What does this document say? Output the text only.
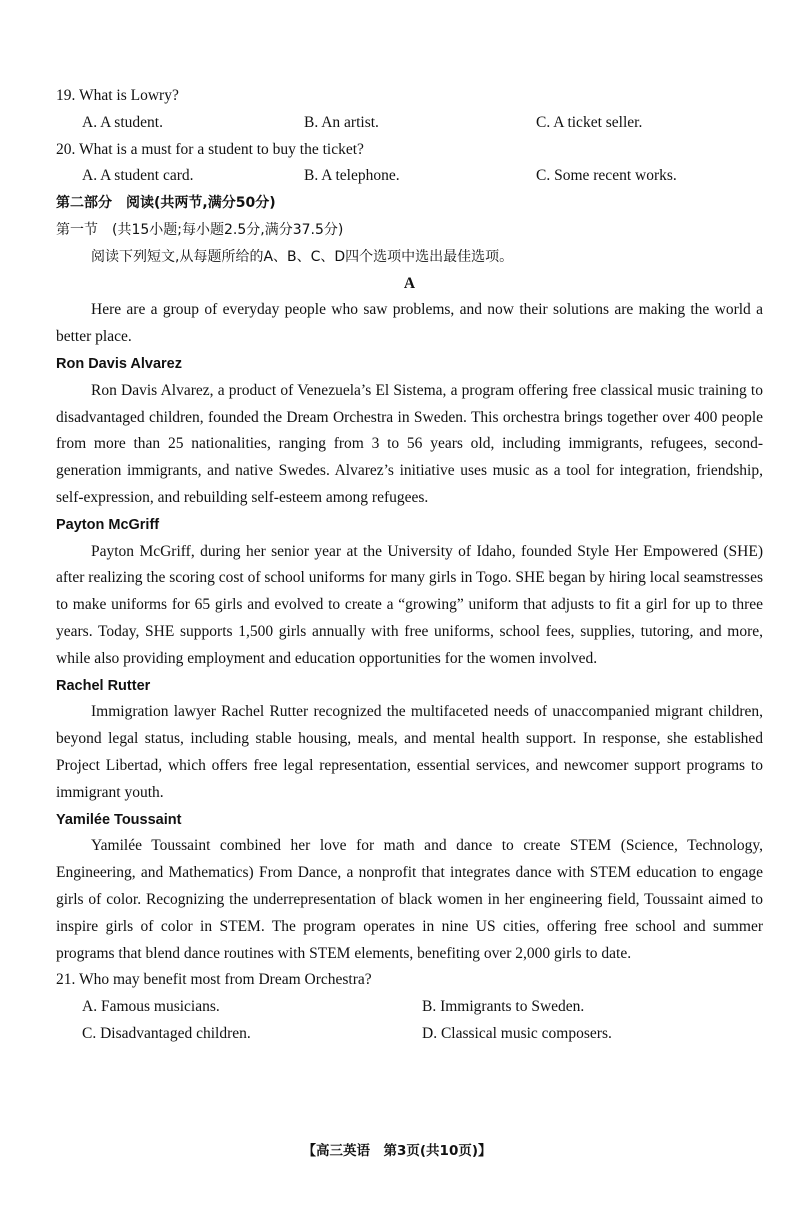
19. What is Lowry?
A. A student.	B. An artist.	C. A ticket seller.
20. What is a must for a student to buy the ticket?
A. A student card.	B. A telephone.	C. Some recent works.
第二部分　阅读(共两节,满分50分)
第一节　(共15小题;每小题2.5分,满分37.5分)
阅读下列短文,从每题所给的A、B、C、D四个选项中选出最佳选项。
A

Here are a group of everyday people who saw problems, and now their solutions are making the world a better place.

Ron Davis Alvarez

Ron Davis Alvarez, a product of Venezuela’s El Sistema, a program offering free classical music training to disadvantaged children, founded the Dream Orchestra in Sweden. This orchestra brings together over 400 people from more than 25 nationalities, ranging from 3 to 56 years old, including immigrants, refugees, second-generation immigrants, and native Swedes. Alvarez’s initiative uses music as a tool for integration, friendship, self-expression, and rebuilding self-esteem among refugees.

Payton McGriff

Payton McGriff, during her senior year at the University of Idaho, founded Style Her Empowered (SHE) after realizing the scoring cost of school uniforms for many girls in Togo. SHE began by hiring local seamstresses to make uniforms for 65 girls and evolved to create a “growing” uniform that adjusts to fit a girl for up to three years. Today, SHE supports 1,500 girls annually with free uniforms, school fees, supplies, tutoring, and more, while also providing employment and education opportunities for the women involved.

Rachel Rutter

Immigration lawyer Rachel Rutter recognized the multifaceted needs of unaccompanied migrant children, beyond legal status, including stable housing, meals, and mental health support. In response, she established Project Libertad, which offers free legal representation, essential services, and newcomer support programs to immigrant youth.

Yamilée Toussaint

Yamilée Toussaint combined her love for math and dance to create STEM (Science, Technology, Engineering, and Mathematics) From Dance, a nonprofit that integrates dance with STEM education to engage girls of color. Recognizing the underrepresentation of black women in her engineering field, Toussaint aimed to inspire girls of color in STEM. The program operates in nine US cities, offering free school and summer programs that blend dance routines with STEM elements, benefiting over 2,000 girls to date.

21. Who may benefit most from Dream Orchestra?
A. Famous musicians.	B. Immigrants to Sweden.
C. Disadvantaged children.	D. Classical music composers.
【高三英语　第3页(共10页)】
